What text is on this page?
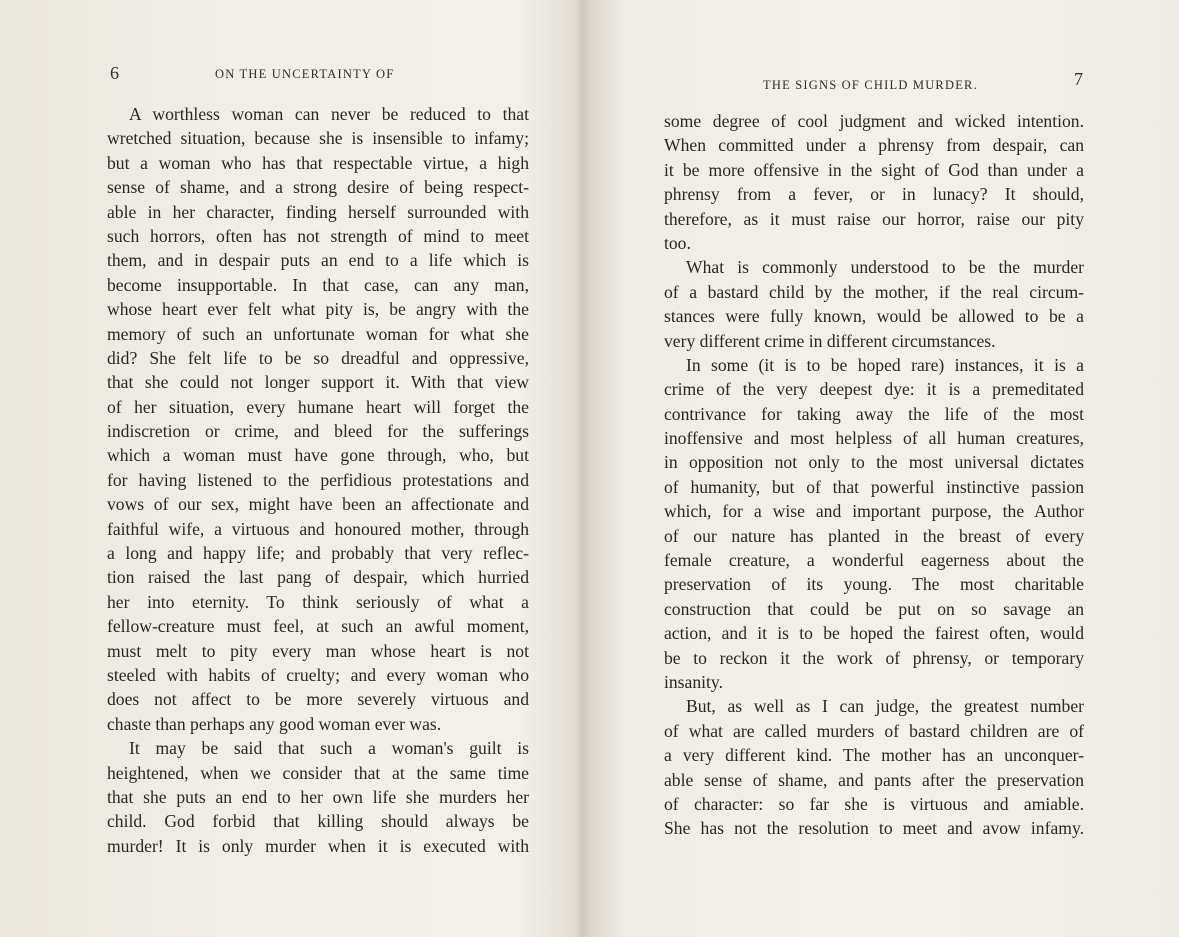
6	ON THE UNCERTAINTY OF
A worthless woman can never be reduced to that
wretched situation, because she is insensible to infamy;
but a woman who has that respectable virtue, a high
sense of shame, and a strong desire of being respect-
able in her character, finding herself surrounded with
such horrors, often has not strength of mind to meet
them, and in despair puts an end to a life which is
become insupportable. In that case, can any man,
whose heart ever felt what pity is, be angry with the
memory of such an unfortunate woman for what she
did? She felt life to be so dreadful and oppressive,
that she could not longer support it. With that view
of her situation, every humane heart will forget the
indiscretion or crime, and bleed for the sufferings
which a woman must have gone through, who, but
for having listened to the perfidious protestations and
vows of our sex, might have been an affectionate and
faithful wife, a virtuous and honoured mother, through
a long and happy life; and probably that very reflec-
tion raised the last pang of despair, which hurried
her into eternity. To think seriously of what a
fellow-creature must feel, at such an awful moment,
must melt to pity every man whose heart is not
steeled with habits of cruelty; and every woman who
does not affect to be more severely virtuous and
chaste than perhaps any good woman ever was.
It may be said that such a woman's guilt is
heightened, when we consider that at the same time
that she puts an end to her own life she murders her
child. God forbid that killing should always be
murder! It is only murder when it is executed with
THE SIGNS OF CHILD MURDER.	7
some degree of cool judgment and wicked intention.
When committed under a phrensy from despair, can
it be more offensive in the sight of God than under a
phrensy from a fever, or in lunacy? It should,
therefore, as it must raise our horror, raise our pity
too.
What is commonly understood to be the murder
of a bastard child by the mother, if the real circum-
stances were fully known, would be allowed to be a
very different crime in different circumstances.
In some (it is to be hoped rare) instances, it is a
crime of the very deepest dye: it is a premeditated
contrivance for taking away the life of the most
inoffensive and most helpless of all human creatures,
in opposition not only to the most universal dictates
of humanity, but of that powerful instinctive passion
which, for a wise and important purpose, the Author
of our nature has planted in the breast of every
female creature, a wonderful eagerness about the
preservation of its young. The most charitable
construction that could be put on so savage an
action, and it is to be hoped the fairest often, would
be to reckon it the work of phrensy, or temporary
insanity.
But, as well as I can judge, the greatest number
of what are called murders of bastard children are of
a very different kind. The mother has an unconquer-
able sense of shame, and pants after the preservation
of character: so far she is virtuous and amiable.
She has not the resolution to meet and avow infamy.
